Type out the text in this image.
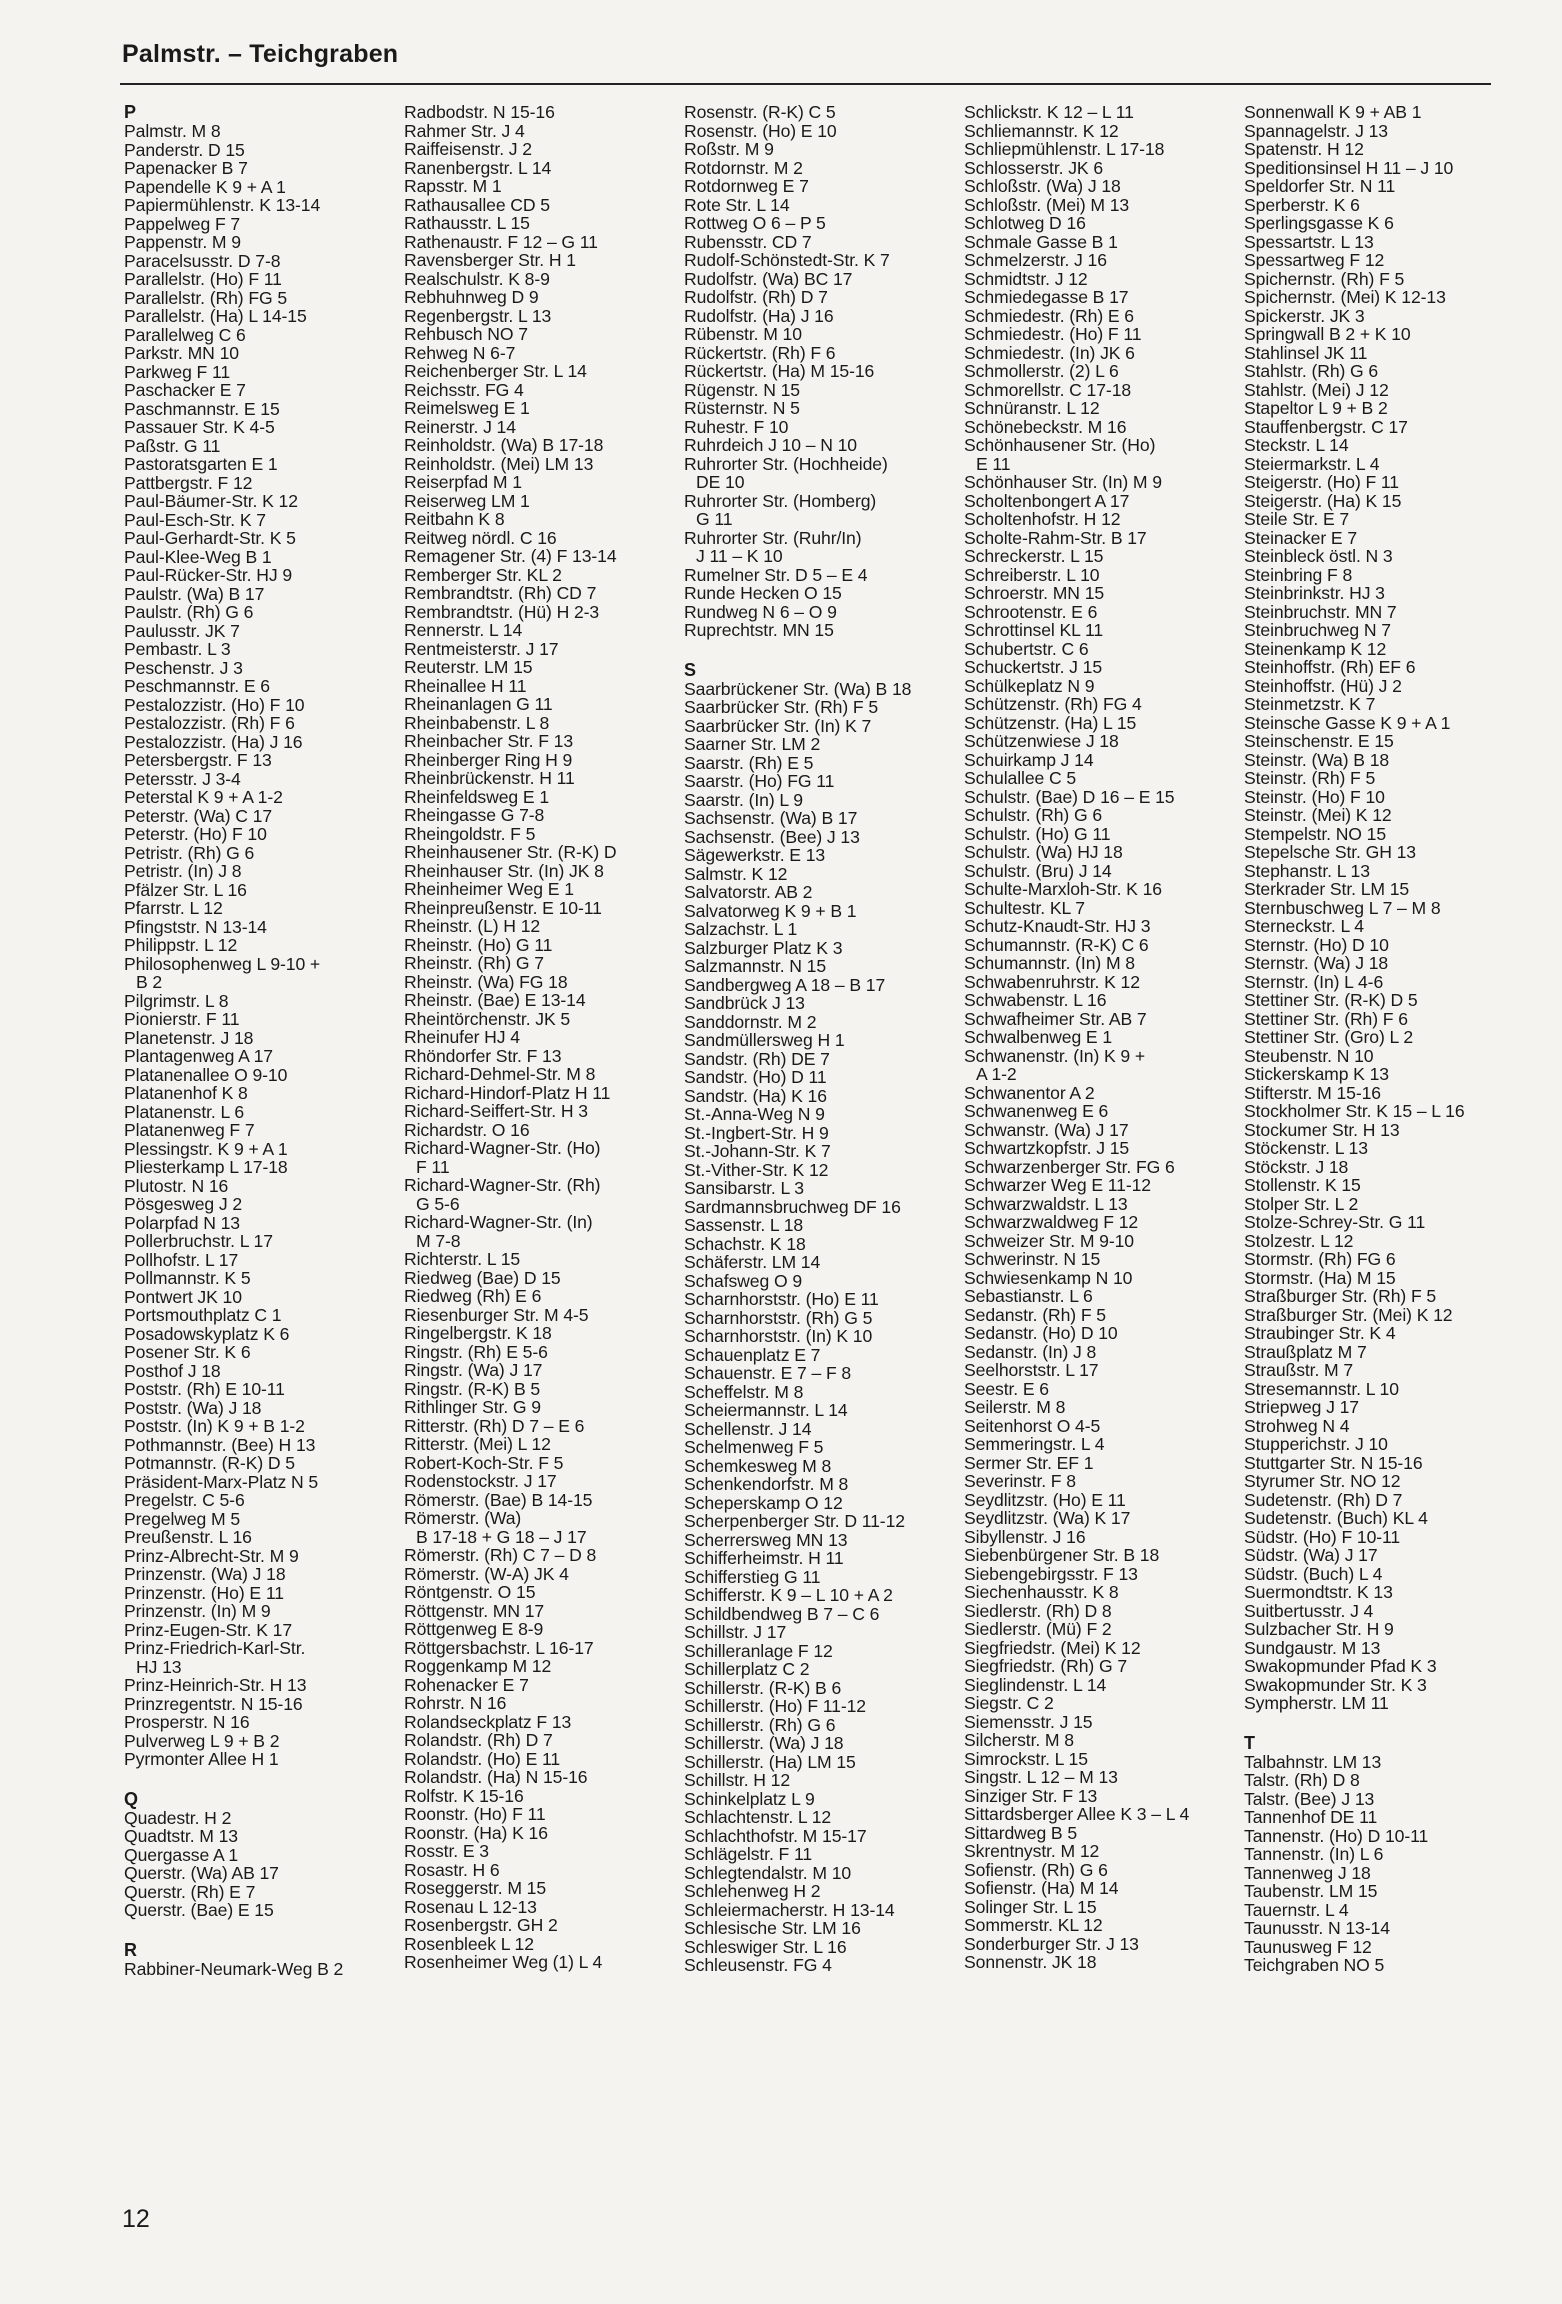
Palmstr. – Teichgraben
P
Palmstr. M 8
Panderstr. D 15
Papenacker B 7
Papendelle K 9 + A 1
Papiermühlenstr. K 13-14
Pappelweg F 7
Pappenstr. M 9
Paracelsusstr. D 7-8
Parallelstr. (Ho) F 11
Parallelstr. (Rh) FG 5
Parallelstr. (Ha) L 14-15
Parallelweg C 6
Parkstr. MN 10
Parkweg F 11
Paschacker E 7
Paschmannstr. E 15
Passauer Str. K 4-5
Paßstr. G 11
Pastoratsgarten E 1
Pattbergstr. F 12
Paul-Bäumer-Str. K 12
Paul-Esch-Str. K 7
Paul-Gerhardt-Str. K 5
Paul-Klee-Weg B 1
Paul-Rücker-Str. HJ 9
Paulstr. (Wa) B 17
Paulstr. (Rh) G 6
Paulusstr. JK 7
Pembastr. L 3
Peschenstr. J 3
Peschmannstr. E 6
Pestalozzistr. (Ho) F 10
Pestalozzistr. (Rh) F 6
Pestalozzistr. (Ha) J 16
Petersbergstr. F 13
Petersstr. J 3-4
Peterstal K 9 + A 1-2
Peterstr. (Wa) C 17
Peterstr. (Ho) F 10
Petristr. (Rh) G 6
Petristr. (In) J 8
Pfälzer Str. L 16
Pfarrstr. L 12
Pfingststr. N 13-14
Philippstr. L 12
Philosophenweg L 9-10 +
B 2
Pilgrimstr. L 8
Pionierstr. F 11
Planetenstr. J 18
Plantagenweg A 17
Platanenallee O 9-10
Platanenhof K 8
Platanenstr. L 6
Platanenweg F 7
Plessingstr. K 9 + A 1
Pliesterkamp L 17-18
Plutostr. N 16
Pösgesweg J 2
Polarpfad N 13
Pollerbruchstr. L 17
Pollhofstr. L 17
Pollmannstr. K 5
Pontwert JK 10
Portsmouthplatz C 1
Posadowskyplatz K 6
Posener Str. K 6
Posthof J 18
Poststr. (Rh) E 10-11
Poststr. (Wa) J 18
Poststr. (In) K 9 + B 1-2
Pothmannstr. (Bee) H 13
Potmannstr. (R-K) D 5
Präsident-Marx-Platz N 5
Pregelstr. C 5-6
Pregelweg M 5
Preußenstr. L 16
Prinz-Albrecht-Str. M 9
Prinzenstr. (Wa) J 18
Prinzenstr. (Ho) E 11
Prinzenstr. (In) M 9
Prinz-Eugen-Str. K 17
Prinz-Friedrich-Karl-Str.
HJ 13
Prinz-Heinrich-Str. H 13
Prinzregentstr. N 15-16
Prosperstr. N 16
Pulverweg L 9 + B 2
Pyrmonter Allee H 1
Q
Quadestr. H 2
Quadtstr. M 13
Quergasse A 1
Querstr. (Wa) AB 17
Querstr. (Rh) E 7
Querstr. (Bae) E 15
R
Rabbiner-Neumark-Weg B 2
Radbodstr. N 15-16
Rahmer Str. J 4
Raiffeisenstr. J 2
Ranenbergstr. L 14
Rapsstr. M 1
Rathausallee CD 5
Rathausstr. L 15
Rathenaustr. F 12 – G 11
Ravensberger Str. H 1
Realschulstr. K 8-9
Rebhuhnweg D 9
Regenbergstr. L 13
Rehbusch NO 7
Rehweg N 6-7
Reichenberger Str. L 14
Reichsstr. FG 4
Reimelsweg E 1
Reinerstr. J 14
Reinholdstr. (Wa) B 17-18
Reinholdstr. (Mei) LM 13
Reiserpfad M 1
Reiserweg LM 1
Reitbahn K 8
Reitweg nördl. C 16
Remagener Str. (4) F 13-14
Remberger Str. KL 2
Rembrandtstr. (Rh) CD 7
Rembrandtstr. (Hü) H 2-3
Rennerstr. L 14
Rentmeisterstr. J 17
Reuterstr. LM 15
Rheinallee H 11
Rheinanlagen G 11
Rheinbabenstr. L 8
Rheinbacher Str. F 13
Rheinberger Ring H 9
Rheinbrückenstr. H 11
Rheinfeldsweg E 1
Rheingasse G 7-8
Rheingoldstr. F 5
Rheinhausener Str. (R-K) D
Rheinhauser Str. (In) JK 8
Rheinheimer Weg E 1
Rheinpreußenstr. E 10-11
Rheinstr. (L) H 12
Rheinstr. (Ho) G 11
Rheinstr. (Rh) G 7
Rheinstr. (Wa) FG 18
Rheinstr. (Bae) E 13-14
Rheintörchenstr. JK 5
Rheinufer HJ 4
Rhöndorfer Str. F 13
Richard-Dehmel-Str. M 8
Richard-Hindorf-Platz H 11
Richard-Seiffert-Str. H 3
Richardstr. O 16
Richard-Wagner-Str. (Ho)
F 11
Richard-Wagner-Str. (Rh)
G 5-6
Richard-Wagner-Str. (In)
M 7-8
Richterstr. L 15
Riedweg (Bae) D 15
Riedweg (Rh) E 6
Riesenburger Str. M 4-5
Ringelbergstr. K 18
Ringstr. (Rh) E 5-6
Ringstr. (Wa) J 17
Ringstr. (R-K) B 5
Rithlinger Str. G 9
Ritterstr. (Rh) D 7 – E 6
Ritterstr. (Mei) L 12
Robert-Koch-Str. F 5
Rodenstockstr. J 17
Römerstr. (Bae) B 14-15
Römerstr. (Wa)
B 17-18 + G 18 – J 17
Römerstr. (Rh) C 7 – D 8
Römerstr. (W-A) JK 4
Röntgenstr. O 15
Röttgenstr. MN 17
Röttgenweg E 8-9
Röttgersbachstr. L 16-17
Roggenkamp M 12
Rohenacker E 7
Rohrstr. N 16
Rolandseckplatz F 13
Rolandstr. (Rh) D 7
Rolandstr. (Ho) E 11
Rolandstr. (Ha) N 15-16
Rolfstr. K 15-16
Roonstr. (Ho) F 11
Roonstr. (Ha) K 16
Rosstr. E 3
Rosastr. H 6
Roseggerstr. M 15
Rosenau L 12-13
Rosenbergstr. GH 2
Rosenbleek L 12
Rosenheimer Weg (1) L 4
Rosenstr. (R-K) C 5
Rosenstr. (Ho) E 10
Roßstr. M 9
Rotdornstr. M 2
Rotdornweg E 7
Rote Str. L 14
Rottweg O 6 – P 5
Rubensstr. CD 7
Rudolf-Schönstedt-Str. K 7
Rudolfstr. (Wa) BC 17
Rudolfstr. (Rh) D 7
Rudolfstr. (Ha) J 16
Rübenstr. M 10
Rückertstr. (Rh) F 6
Rückertstr. (Ha) M 15-16
Rügenstr. N 15
Rüsternstr. N 5
Ruhestr. F 10
Ruhrdeich J 10 – N 10
Ruhrorter Str. (Hochheide)
DE 10
Ruhrorter Str. (Homberg)
G 11
Ruhrorter Str. (Ruhr/In)
J 11 – K 10
Rumelner Str. D 5 – E 4
Runde Hecken O 15
Rundweg N 6 – O 9
Ruprechtstr. MN 15
S
Saarbrückener Str. (Wa) B 18
Saarbrücker Str. (Rh) F 5
Saarbrücker Str. (In) K 7
Saarner Str. LM 2
Saarstr. (Rh) E 5
Saarstr. (Ho) FG 11
Saarstr. (In) L 9
Sachsenstr. (Wa) B 17
Sachsenstr. (Bee) J 13
Sägewerkstr. E 13
Salmstr. K 12
Salvatorstr. AB 2
Salvatorweg K 9 + B 1
Salzachstr. L 1
Salzburger Platz K 3
Salzmannstr. N 15
Sandbergweg A 18 – B 17
Sandbrück J 13
Sanddornstr. M 2
Sandmüllersweg H 1
Sandstr. (Rh) DE 7
Sandstr. (Ho) D 11
Sandstr. (Ha) K 16
St.-Anna-Weg N 9
St.-Ingbert-Str. H 9
St.-Johann-Str. K 7
St.-Vither-Str. K 12
Sansibarstr. L 3
Sardmannsbruchweg DF 16
Sassenstr. L 18
Schachstr. K 18
Schäferstr. LM 14
Schafsweg O 9
Scharnhorststr. (Ho) E 11
Scharnhorststr. (Rh) G 5
Scharnhorststr. (In) K 10
Schauenplatz E 7
Schauenstr. E 7 – F 8
Scheffelstr. M 8
Scheiermannstr. L 14
Schellenstr. J 14
Schelmenweg F 5
Schemkesweg M 8
Schenkendorfstr. M 8
Scheperskamp O 12
Scherpenberger Str. D 11-12
Scherrersweg MN 13
Schifferheimstr. H 11
Schifferstieg G 11
Schifferstr. K 9 – L 10 + A 2
Schildbendweg B 7 – C 6
Schillstr. J 17
Schilleranlage F 12
Schillerplatz C 2
Schillerstr. (R-K) B 6
Schillerstr. (Ho) F 11-12
Schillerstr. (Rh) G 6
Schillerstr. (Wa) J 18
Schillerstr. (Ha) LM 15
Schillstr. H 12
Schinkelplatz L 9
Schlachtenstr. L 12
Schlachthofstr. M 15-17
Schlägelstr. F 11
Schlegtendalstr. M 10
Schlehenweg H 2
Schleiermacherstr. H 13-14
Schlesische Str. LM 16
Schleswiger Str. L 16
Schleusenstr. FG 4
Schlickstr. K 12 – L 11
Schliemannstr. K 12
Schliepmühlenstr. L 17-18
Schlosserstr. JK 6
Schloßstr. (Wa) J 18
Schloßstr. (Mei) M 13
Schlotweg D 16
Schmale Gasse B 1
Schmelzerstr. J 16
Schmidtstr. J 12
Schmiedegasse B 17
Schmiedestr. (Rh) E 6
Schmiedestr. (Ho) F 11
Schmiedestr. (In) JK 6
Schmollerstr. (2) L 6
Schmorellstr. C 17-18
Schnüranstr. L 12
Schönebeckstr. M 16
Schönhausener Str. (Ho)
E 11
Schönhauser Str. (In) M 9
Scholtenbongert A 17
Scholtenhofstr. H 12
Scholte-Rahm-Str. B 17
Schreckerstr. L 15
Schreiberstr. L 10
Schroerstr. MN 15
Schrootenstr. E 6
Schrottinsel KL 11
Schubertstr. C 6
Schuckertstr. J 15
Schülkeplatz N 9
Schützenstr. (Rh) FG 4
Schützenstr. (Ha) L 15
Schützenwiese J 18
Schuirkamp J 14
Schulallee C 5
Schulstr. (Bae) D 16 – E 15
Schulstr. (Rh) G 6
Schulstr. (Ho) G 11
Schulstr. (Wa) HJ 18
Schulstr. (Bru) J 14
Schulte-Marxloh-Str. K 16
Schultestr. KL 7
Schutz-Knaudt-Str. HJ 3
Schumannstr. (R-K) C 6
Schumannstr. (In) M 8
Schwabenruhrstr. K 12
Schwabenstr. L 16
Schwafheimer Str. AB 7
Schwalbenweg E 1
Schwanenstr. (In) K 9 +
A 1-2
Schwanentor A 2
Schwanenweg E 6
Schwanstr. (Wa) J 17
Schwartzkopfstr. J 15
Schwarzenberger Str. FG 6
Schwarzer Weg E 11-12
Schwarzwaldstr. L 13
Schwarzwaldweg F 12
Schweizer Str. M 9-10
Schwerinstr. N 15
Schwiesenkamp N 10
Sebastianstr. L 6
Sedanstr. (Rh) F 5
Sedanstr. (Ho) D 10
Sedanstr. (In) J 8
Seelhorststr. L 17
Seestr. E 6
Seilerstr. M 8
Seitenhorst O 4-5
Semmeringstr. L 4
Sermer Str. EF 1
Severinstr. F 8
Seydlitzstr. (Ho) E 11
Seydlitzstr. (Wa) K 17
Sibyllenstr. J 16
Siebenbürgener Str. B 18
Siebengebirgsstr. F 13
Siechenhausstr. K 8
Siedlerstr. (Rh) D 8
Siedlerstr. (Mü) F 2
Siegfriedstr. (Mei) K 12
Siegfriedstr. (Rh) G 7
Sieglindenstr. L 14
Siegstr. C 2
Siemensstr. J 15
Silcherstr. M 8
Simrockstr. L 15
Singstr. L 12 – M 13
Sinziger Str. F 13
Sittardsberger Allee K 3 – L 4
Sittardweg B 5
Skrentnystr. M 12
Sofienstr. (Rh) G 6
Sofienstr. (Ha) M 14
Solinger Str. L 15
Sommerstr. KL 12
Sonderburger Str. J 13
Sonnenstr. JK 18
Sonnenwall K 9 + AB 1
Spannagelstr. J 13
Spatenstr. H 12
Speditionsinsel H 11 – J 10
Speldorfer Str. N 11
Sperberstr. K 6
Sperlingsgasse K 6
Spessartstr. L 13
Spessartweg F 12
Spichernstr. (Rh) F 5
Spichernstr. (Mei) K 12-13
Spickerstr. JK 3
Springwall B 2 + K 10
Stahlinsel JK 11
Stahlstr. (Rh) G 6
Stahlstr. (Mei) J 12
Stapeltor L 9 + B 2
Stauffenbergstr. C 17
Steckstr. L 14
Steiermarkstr. L 4
Steigerstr. (Ho) F 11
Steigerstr. (Ha) K 15
Steile Str. E 7
Steinacker E 7
Steinbleck östl. N 3
Steinbring F 8
Steinbrinkstr. HJ 3
Steinbruchstr. MN 7
Steinbruchweg N 7
Steinenkamp K 12
Steinhoffstr. (Rh) EF 6
Steinhoffstr. (Hü) J 2
Steinmetzstr. K 7
Steinsche Gasse K 9 + A 1
Steinschenstr. E 15
Steinstr. (Wa) B 18
Steinstr. (Rh) F 5
Steinstr. (Ho) F 10
Steinstr. (Mei) K 12
Stempelstr. NO 15
Stepelsche Str. GH 13
Stephanstr. L 13
Sterkrader Str. LM 15
Sternbuschweg L 7 – M 8
Sterneckstr. L 4
Sternstr. (Ho) D 10
Sternstr. (Wa) J 18
Sternstr. (In) L 4-6
Stettiner Str. (R-K) D 5
Stettiner Str. (Rh) F 6
Stettiner Str. (Gro) L 2
Steubenstr. N 10
Stickerskamp K 13
Stifterstr. M 15-16
Stockholmer Str. K 15 – L 16
Stockumer Str. H 13
Stöckenstr. L 13
Stöckstr. J 18
Stollenstr. K 15
Stolper Str. L 2
Stolze-Schrey-Str. G 11
Stolzestr. L 12
Stormstr. (Rh) FG 6
Stormstr. (Ha) M 15
Straßburger Str. (Rh) F 5
Straßburger Str. (Mei) K 12
Straubinger Str. K 4
Straußplatz M 7
Straußstr. M 7
Stresemannstr. L 10
Striepweg J 17
Strohweg N 4
Stupperichstr. J 10
Stuttgarter Str. N 15-16
Styrumer Str. NO 12
Sudetenstr. (Rh) D 7
Sudetenstr. (Buch) KL 4
Südstr. (Ho) F 10-11
Südstr. (Wa) J 17
Südstr. (Buch) L 4
Suermondtstr. K 13
Suitbertusstr. J 4
Sulzbacher Str. H 9
Sundgaustr. M 13
Swakopmunder Pfad K 3
Swakopmunder Str. K 3
Sympherstr. LM 11
T
Talbahnstr. LM 13
Talstr. (Rh) D 8
Talstr. (Bee) J 13
Tannenhof DE 11
Tannenstr. (Ho) D 10-11
Tannenstr. (In) L 6
Tannenweg J 18
Taubenstr. LM 15
Tauernstr. L 4
Taunusstr. N 13-14
Taunusweg F 12
Teichgraben NO 5
12
